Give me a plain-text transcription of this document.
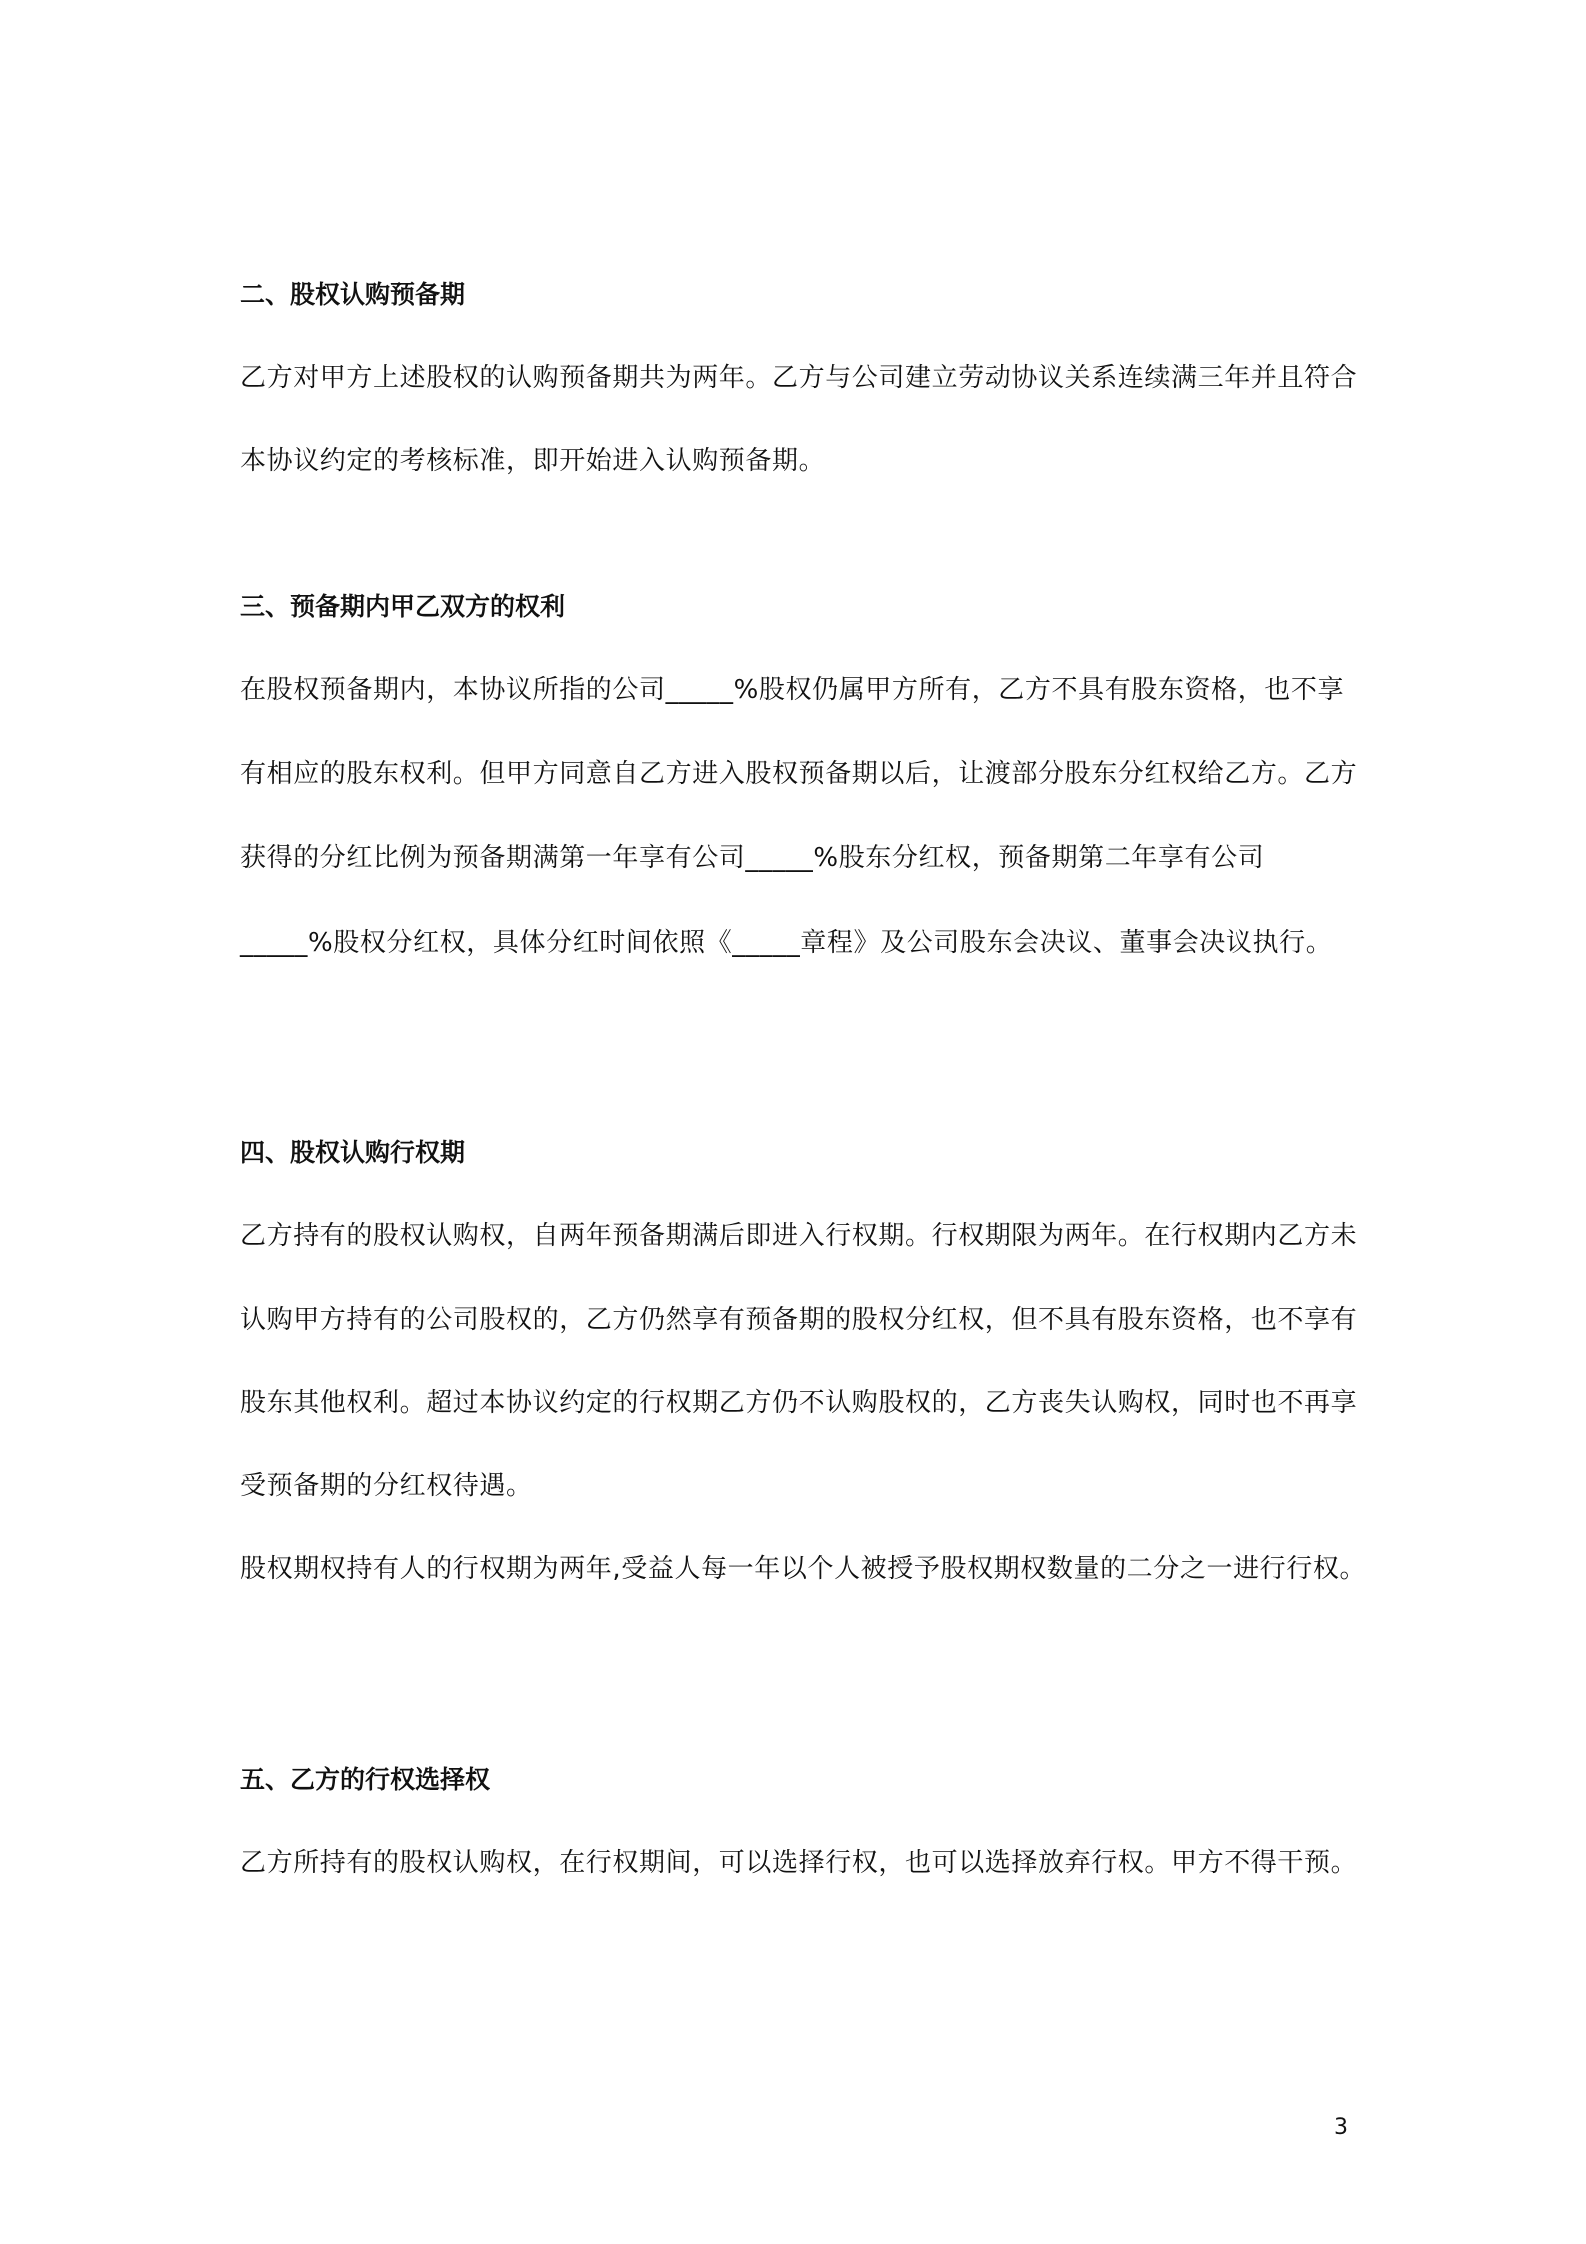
二、股权认购预备期
乙方对甲方上述股权的认购预备期共为两年。乙方与公司建立劳动协议关系连续满三年并且符合
本协议约定的考核标准，即开始进入认购预备期。
三、预备期内甲乙双方的权利
在股权预备期内，本协议所指的公司_____%股权仍属甲方所有，乙方不具有股东资格，也不享
有相应的股东权利。但甲方同意自乙方进入股权预备期以后，让渡部分股东分红权给乙方。乙方
获得的分红比例为预备期满第一年享有公司_____%股东分红权，预备期第二年享有公司
_____%股权分红权，具体分红时间依照《_____章程》及公司股东会决议、董事会决议执行。
四、股权认购行权期
乙方持有的股权认购权，自两年预备期满后即进入行权期。行权期限为两年。在行权期内乙方未
认购甲方持有的公司股权的，乙方仍然享有预备期的股权分红权，但不具有股东资格，也不享有
股东其他权利。超过本协议约定的行权期乙方仍不认购股权的，乙方丧失认购权，同时也不再享
受预备期的分红权待遇。
股权期权持有人的行权期为两年,受益人每一年以个人被授予股权期权数量的二分之一进行行权。
五、乙方的行权选择权
乙方所持有的股权认购权，在行权期间，可以选择行权，也可以选择放弃行权。甲方不得干预。
3
